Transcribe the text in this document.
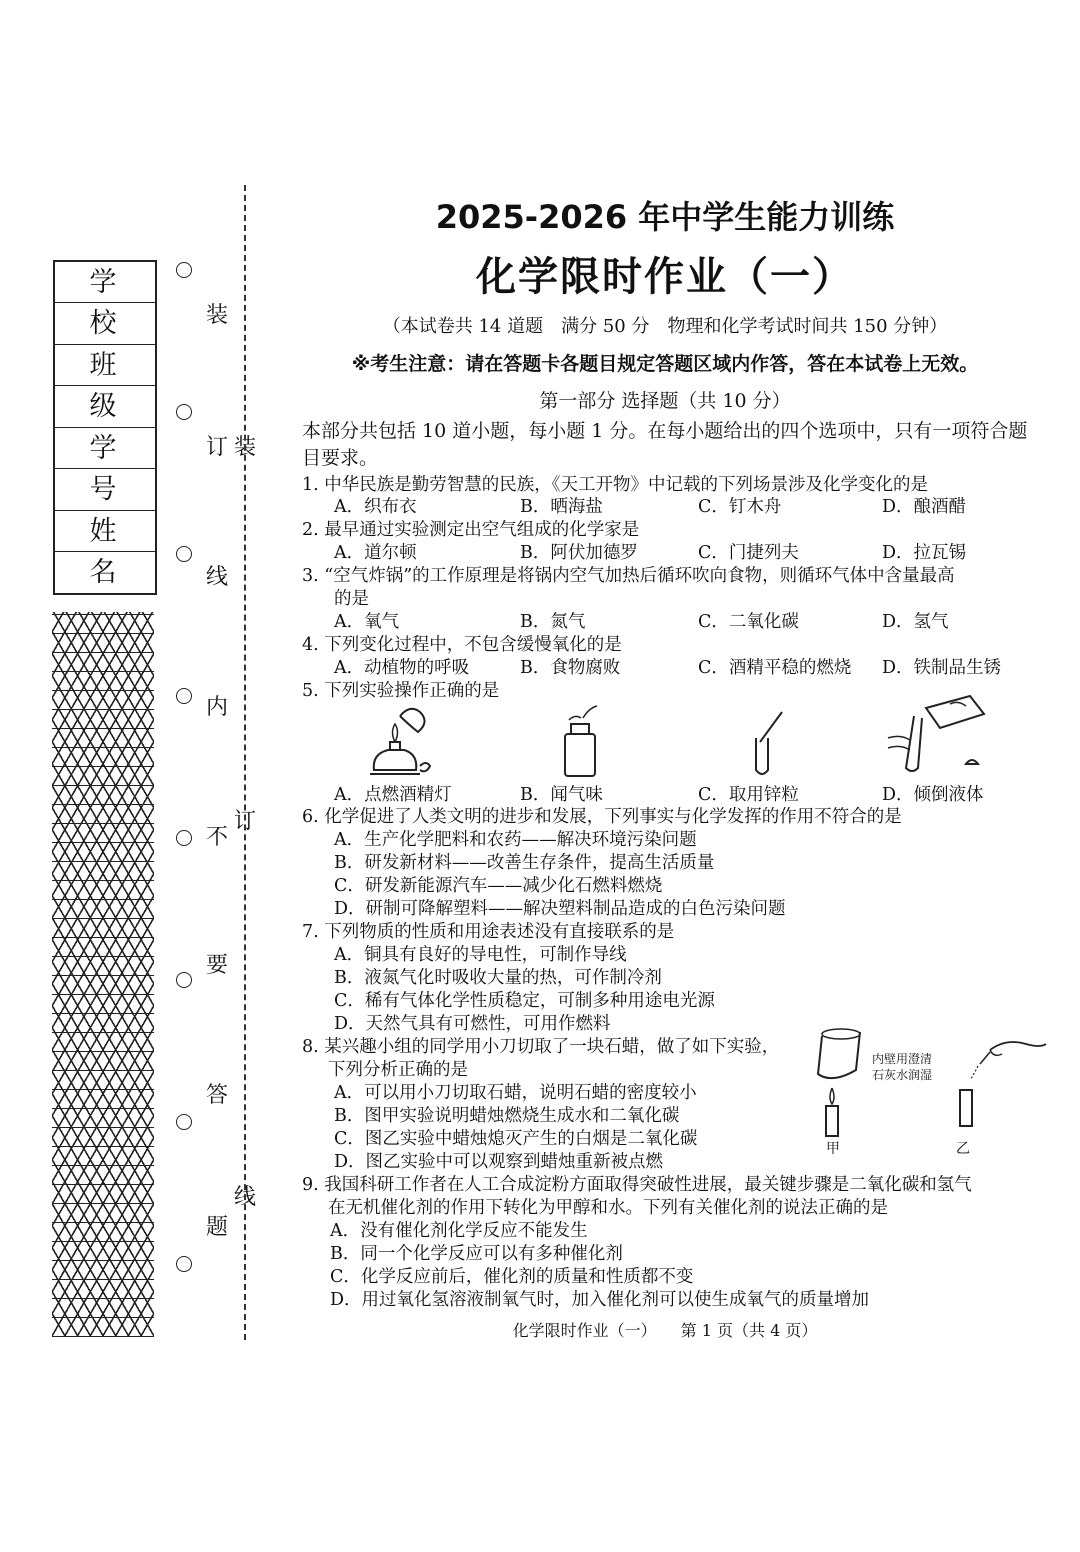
学 校
班 级
学 号
姓 名
装
订 装
线
内
订
不
要
答
线
题
2025-2026 年中学生能力训练
化学限时作业（一）
（本试卷共 14 道题　满分 50 分　物理和化学考试时间共 150 分钟）
※考生注意：请在答题卡各题目规定答题区域内作答，答在本试卷上无效。
第一部分 选择题（共 10 分）
本部分共包括 10 道小题，每小题 1 分。在每小题给出的四个选项中，只有一项符合题目要求。
1. 中华民族是勤劳智慧的民族，《天工开物》中记载的下列场景涉及化学变化的是
A．织布衣	B．晒海盐	C．钉木舟	D．酿酒醋
2. 最早通过实验测定出空气组成的化学家是
A．道尔顿	B．阿伏加德罗	C．门捷列夫	D．拉瓦锡
3. “空气炸锅”的工作原理是将锅内空气加热后循环吹向食物，则循环气体中含量最高
的是
A．氧气	B．氮气	C．二氧化碳	D．氢气
4. 下列变化过程中，不包含缓慢氧化的是
A．动植物的呼吸	B．食物腐败	C．酒精平稳的燃烧 D．铁制品生锈
5. 下列实验操作正确的是
A．点燃酒精灯	B．闻气味	C．取用锌粒	D．倾倒液体
6. 化学促进了人类文明的进步和发展，下列事实与化学发挥的作用不符合的是
A．生产化学肥料和农药——解决环境污染问题
B．研发新材料——改善生存条件，提高生活质量
C．研发新能源汽车——减少化石燃料燃烧
D．研制可降解塑料——解决塑料制品造成的白色污染问题
7. 下列物质的性质和用途表述没有直接联系的是
A．铜具有良好的导电性，可制作导线
B．液氮气化时吸收大量的热，可作制冷剂
C．稀有气体化学性质稳定，可制多种用途电光源
D．天然气具有可燃性，可用作燃料
8. 某兴趣小组的同学用小刀切取了一块石蜡，做了如下实验，
下列分析正确的是
A．可以用小刀切取石蜡，说明石蜡的密度较小
B．图甲实验说明蜡烛燃烧生成水和二氧化碳
C．图乙实验中蜡烛熄灭产生的白烟是二氧化碳
D．图乙实验中可以观察到蜡烛重新被点燃
内壁用澄清
石灰水润湿
甲	乙
9. 我国科研工作者在人工合成淀粉方面取得突破性进展，最关键步骤是二氧化碳和氢气
在无机催化剂的作用下转化为甲醇和水。下列有关催化剂的说法正确的是
A．没有催化剂化学反应不能发生
B．同一个化学反应可以有多种催化剂
C．化学反应前后，催化剂的质量和性质都不变
D．用过氧化氢溶液制氧气时，加入催化剂可以使生成氧气的质量增加
化学限时作业（一）　　第 1 页（共 4 页）
